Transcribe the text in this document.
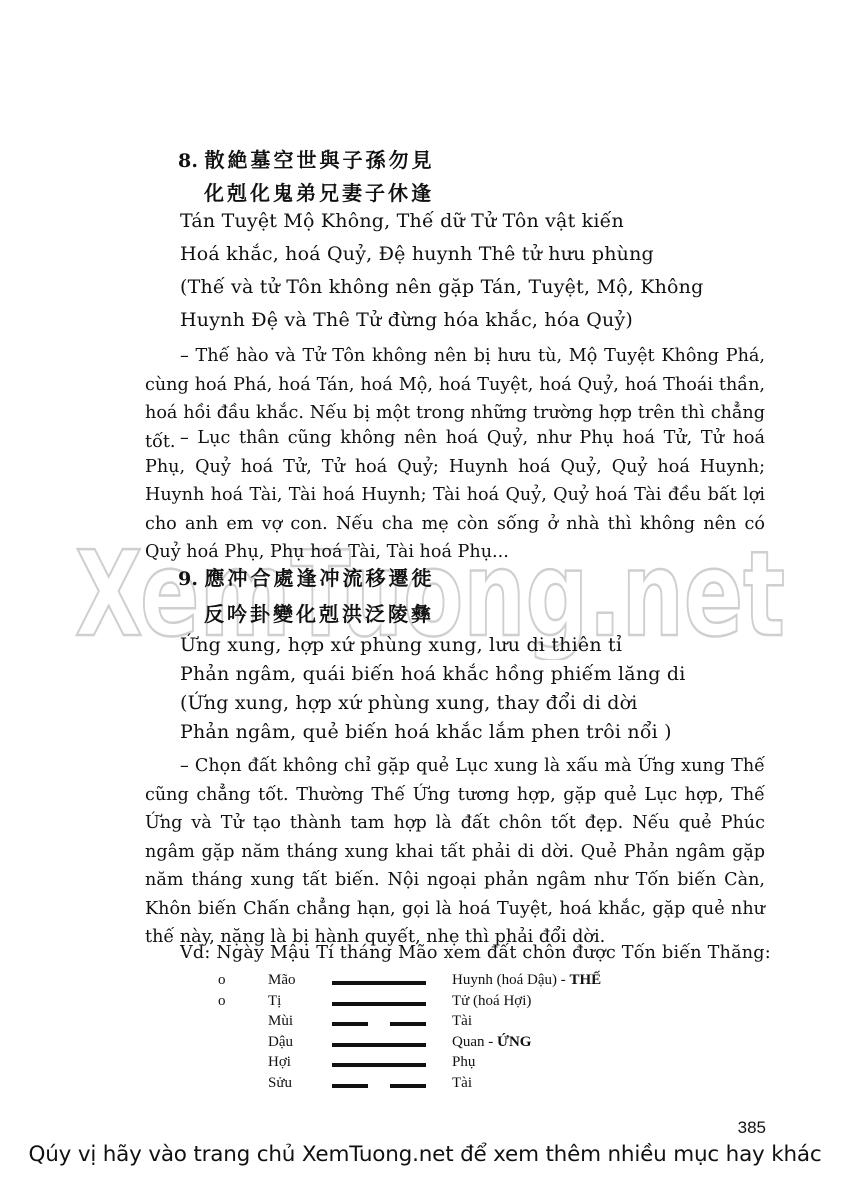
XemTuong.net
8. 散絶墓空世與子孫勿見
化剋化鬼弟兄妻子休逢
Tán Tuyệt Mộ Không, Thế dữ Tử Tôn vật kiến
Hoá khắc, hoá Quỷ, Đệ huynh Thê tử hưu phùng
(Thế và tử Tôn không nên gặp Tán, Tuyệt, Mộ, Không
Huynh Đệ và Thê Tử đừng hóa khắc, hóa Quỷ)
– Thế hào và Tử Tôn không nên bị hưu tù, Mộ Tuyệt Không Phá, cùng hoá Phá, hoá Tán, hoá Mộ, hoá Tuyệt, hoá Quỷ, hoá Thoái thần, hoá hồi đầu khắc. Nếu bị một trong những trường hợp trên thì chẳng tốt. – Lục thân cũng không nên hoá Quỷ, như Phụ hoá Tử, Tử hoá Phụ, Quỷ hoá Tử, Tử hoá Quỷ; Huynh hoá Quỷ, Quỷ hoá Huynh; Huynh hoá Tài, Tài hoá Huynh; Tài hoá Quỷ, Quỷ hoá Tài đều bất lợi cho anh em vợ con. Nếu cha mẹ còn sống ở nhà thì không nên có Quỷ hoá Phụ, Phụ hoá Tài, Tài hoá Phụ...
9. 應冲合處逢冲流移遷徙
反吟卦變化剋洪泛陵彝
Ứng xung, hợp xứ phùng xung, lưu di thiên tỉ
Phản ngâm, quái biến hoá khắc hồng phiếm lăng di
(Ứng xung, hợp xứ phùng xung, thay đổi di dời
Phản ngâm, quẻ biến hoá khắc lắm phen trôi nổi )
– Chọn đất không chỉ gặp quẻ Lục xung là xấu mà Ứng xung Thế cũng chẳng tốt. Thường Thế Ứng tương hợp, gặp quẻ Lục hợp, Thế Ứng và Tử tạo thành tam hợp là đất chôn tốt đẹp. Nếu quẻ Phúc ngâm gặp năm tháng xung khai tất phải di dời. Quẻ Phản ngâm gặp năm tháng xung tất biến. Nội ngoại phản ngâm như Tốn biến Càn, Khôn biến Chấn chẳng hạn, gọi là hoá Tuyệt, hoá khắc, gặp quẻ như thế này, nặng là bị hành quyết, nhẹ thì phải đổi dời.
Vd: Ngày Mậu Tí tháng Mão xem đất chôn được Tốn biến Thăng:
o	Mão	Huynh (hoá Dậu) - THẾ
o	Tị	Tử (hoá Hợi)
Mùi	Tài
Dậu	Quan - ỨNG
Hợi	Phụ
Sửu	Tài
385
Qúy vị hãy vào trang chủ XemTuong.net để xem thêm nhiều mục hay khác
